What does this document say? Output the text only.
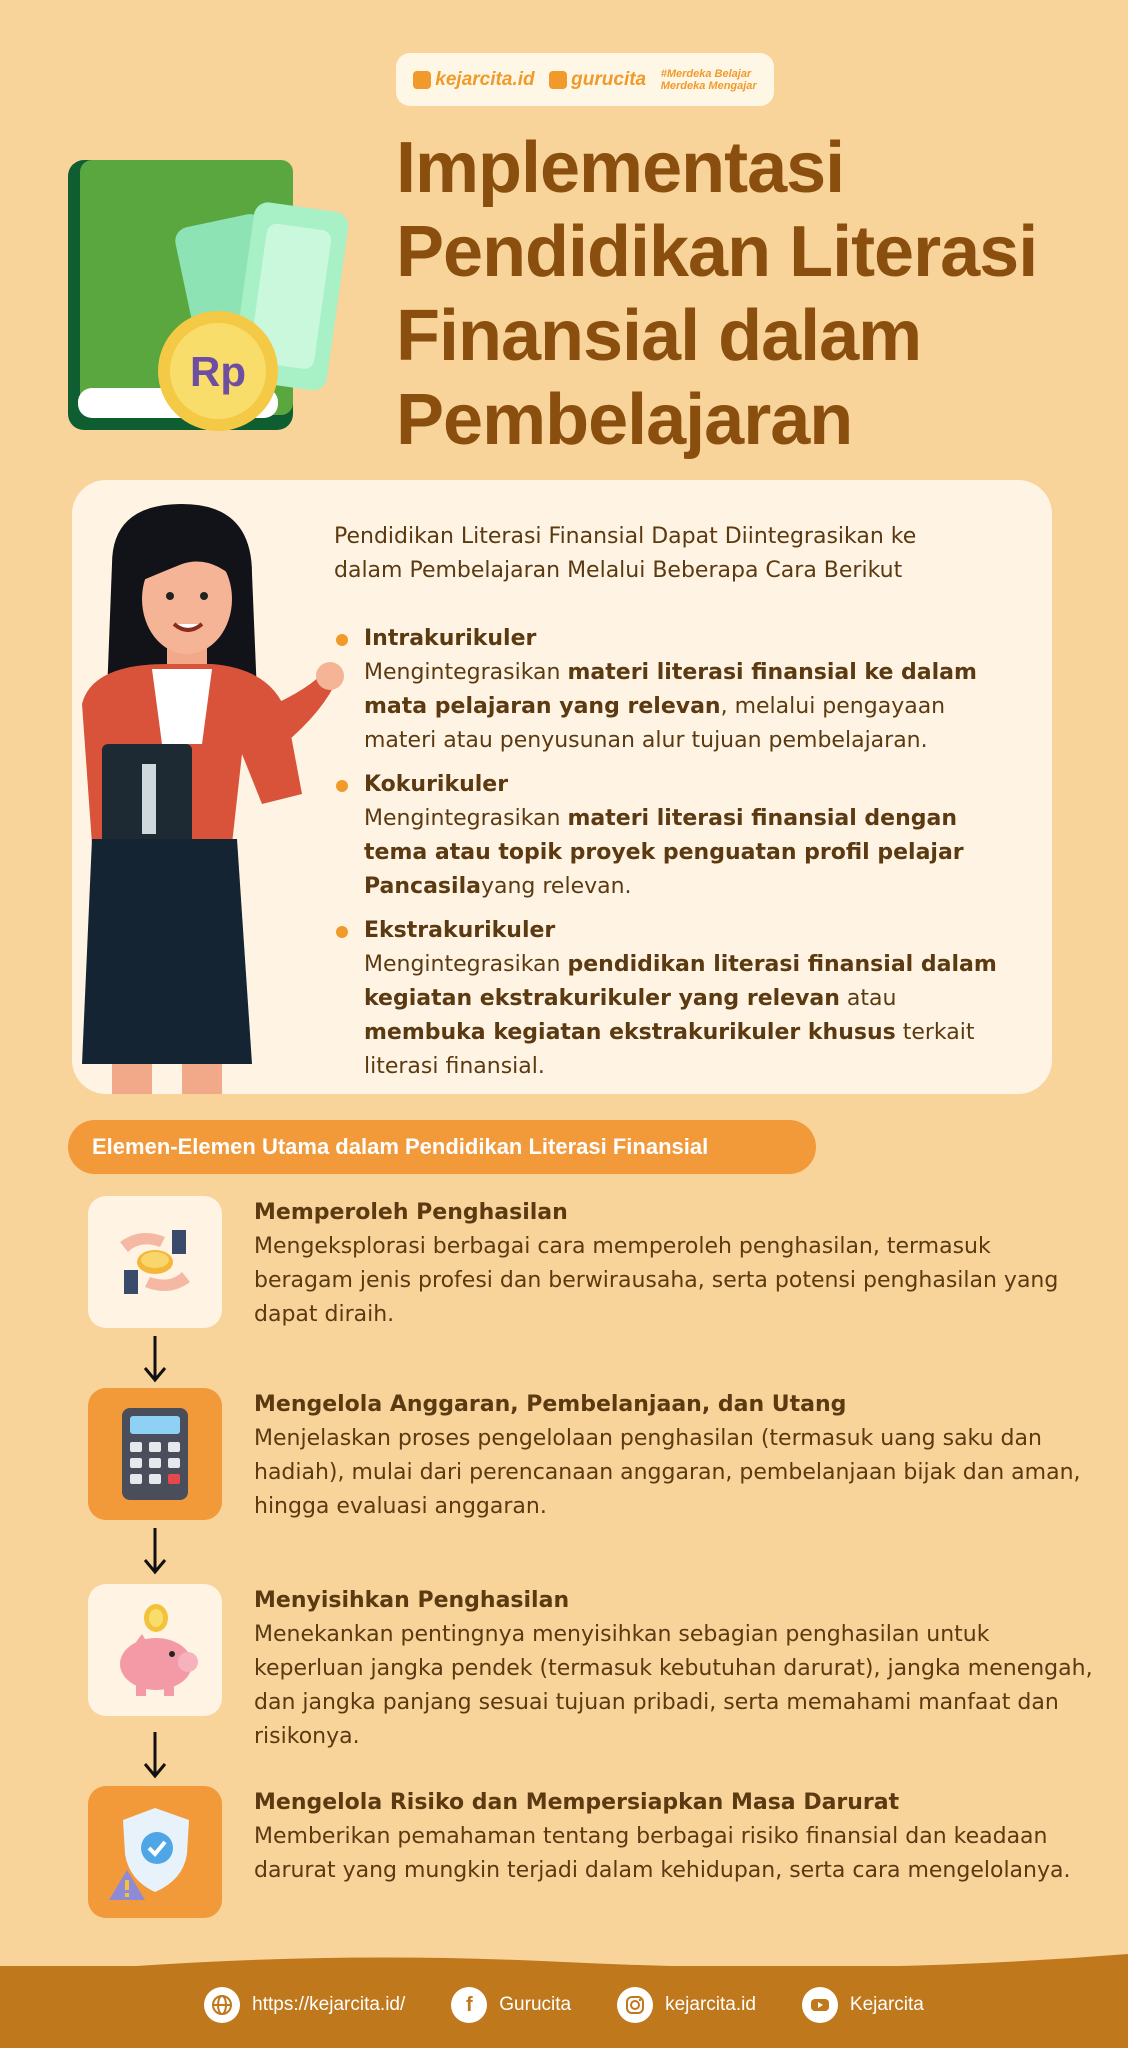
kejarcita.id gurucita #Merdeka Belajar
Merdeka Mengajar
Rp
Implementasi
Pendidikan Literasi
Finansial dalam
Pembelajaran
Pendidikan Literasi Finansial Dapat Diintegrasikan ke dalam Pembelajaran Melalui Beberapa Cara Berikut
Intrakurikuler
Mengintegrasikan materi literasi finansial ke dalam mata pelajaran yang relevan, melalui pengayaan materi atau penyusunan alur tujuan pembelajaran.
Kokurikuler
Mengintegrasikan materi literasi finansial dengan tema atau topik proyek penguatan profil pelajar Pancasilayang relevan.
Ekstrakurikuler
Mengintegrasikan pendidikan literasi finansial dalam kegiatan ekstrakurikuler yang relevan atau membuka kegiatan ekstrakurikuler khusus terkait literasi finansial.
Elemen-Elemen Utama dalam Pendidikan Literasi Finansial
Memperoleh Penghasilan
Mengeksplorasi berbagai cara memperoleh penghasilan, termasuk beragam jenis profesi dan berwirausaha, serta potensi penghasilan yang dapat diraih.
Mengelola Anggaran, Pembelanjaan, dan Utang
Menjelaskan proses pengelolaan penghasilan (termasuk uang saku dan hadiah), mulai dari perencanaan anggaran, pembelanjaan bijak dan aman, hingga evaluasi anggaran.
Menyisihkan Penghasilan
Menekankan pentingnya menyisihkan sebagian penghasilan untuk keperluan jangka pendek (termasuk kebutuhan darurat), jangka menengah, dan jangka panjang sesuai tujuan pribadi, serta memahami manfaat dan risikonya.
Mengelola Risiko dan Mempersiapkan Masa Darurat
Memberikan pemahaman tentang berbagai risiko finansial dan keadaan darurat yang mungkin terjadi dalam kehidupan, serta cara mengelolanya.
https://kejarcita.id/	f	Gurucita	kejarcita.id	Kejarcita
